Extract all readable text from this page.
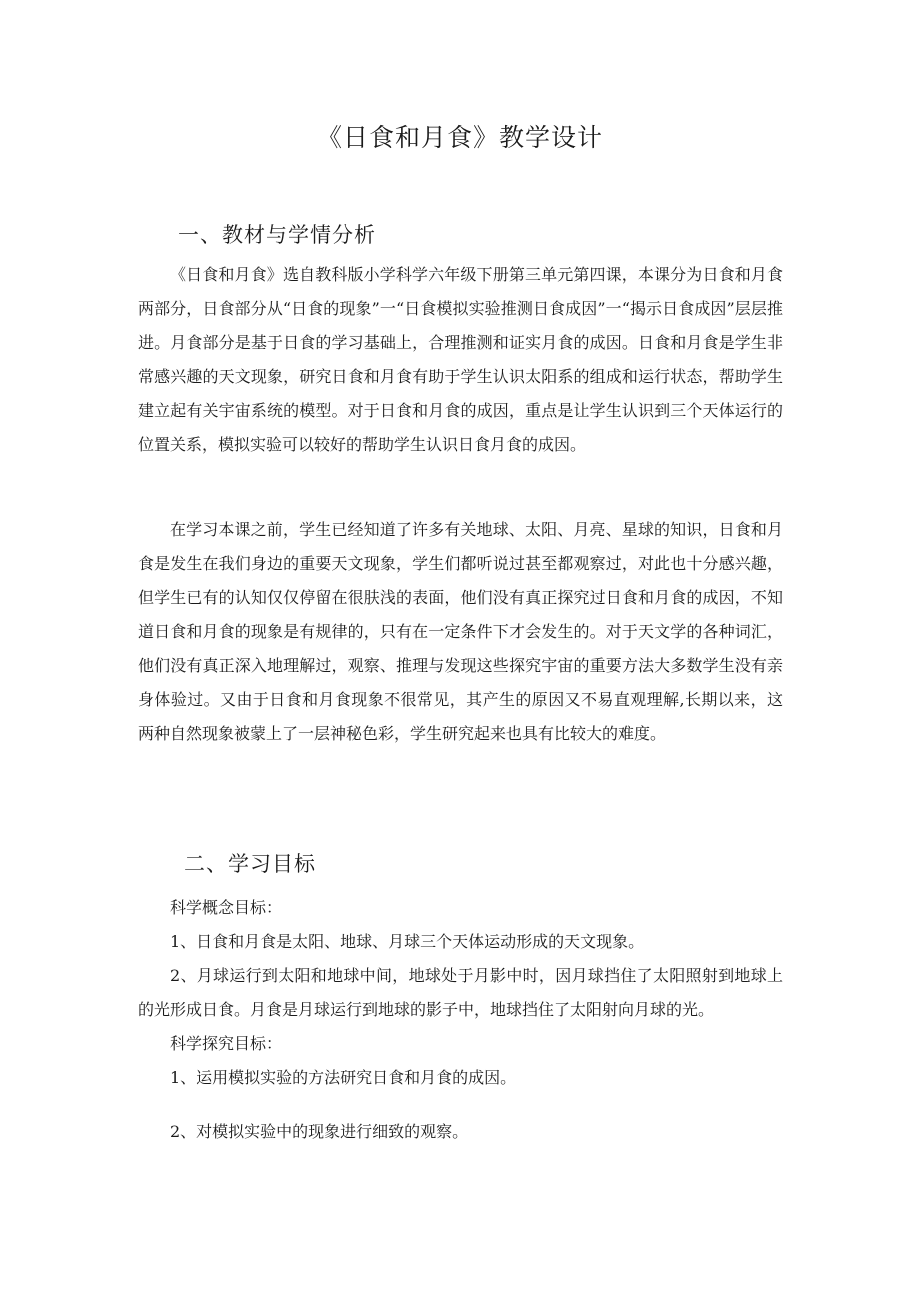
《日食和月食》教学设计
一、教材与学情分析

《日食和月食》选自教科版小学科学六年级下册第三单元第四课，本课分为日食和月食两部分，日食部分从“日食的现象”一“日食模拟实验推测日食成因”一“揭示日食成因”层层推进。月食部分是基于日食的学习基础上，合理推测和证实月食的成因。日食和月食是学生非常感兴趣的天文现象，研究日食和月食有助于学生认识太阳系的组成和运行状态，帮助学生建立起有关宇宙系统的模型。对于日食和月食的成因，重点是让学生认识到三个天体运行的位置关系，模拟实验可以较好的帮助学生认识日食月食的成因。

在学习本课之前，学生已经知道了许多有关地球、太阳、月亮、星球的知识，日食和月食是发生在我们身边的重要天文现象，学生们都听说过甚至都观察过，对此也十分感兴趣，但学生已有的认知仅仅停留在很肤浅的表面，他们没有真正探究过日食和月食的成因，不知道日食和月食的现象是有规律的，只有在一定条件下才会发生的。对于天文学的各种词汇，他们没有真正深入地理解过，观察、推理与发现这些探究宇宙的重要方法大多数学生没有亲身体验过。又由于日食和月食现象不很常见，其产生的原因又不易直观理解,长期以来，这两种自然现象被蒙上了一层神秘色彩，学生研究起来也具有比较大的难度。

二、学习目标

科学概念目标：

1、日食和月食是太阳、地球、月球三个天体运动形成的天文现象。

2、月球运行到太阳和地球中间，地球处于月影中时，因月球挡住了太阳照射到地球上的光形成日食。月食是月球运行到地球的影子中，地球挡住了太阳射向月球的光。

科学探究目标：

1、运用模拟实验的方法研究日食和月食的成因。

2、对模拟实验中的现象进行细致的观察。
